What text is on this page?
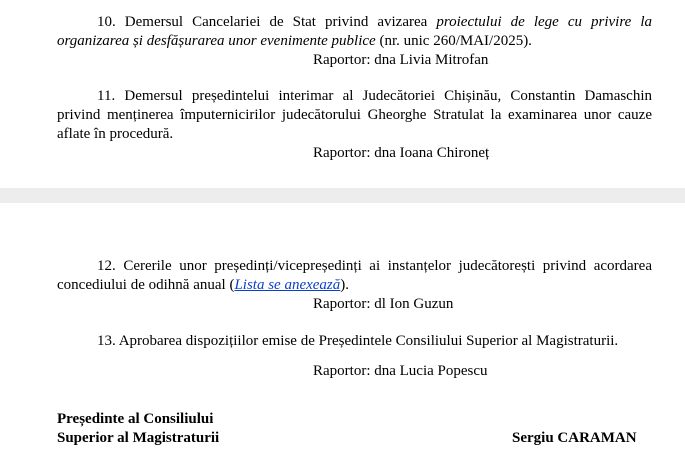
10. Demersul Cancelariei de Stat privind avizarea proiectului de lege cu privire la organizarea și desfășurarea unor evenimente publice (nr. unic 260/MAI/2025).
Raportor: dna Livia Mitrofan
11. Demersul președintelui interimar al Judecătoriei Chișinău, Constantin Damaschin privind menținerea împuternicirilor judecătorului Gheorghe Stratulat la examinarea unor cauze aflate în procedură.
Raportor: dna Ioana Chironeț
12. Cererile unor președinți/vicepreședinți ai instanțelor judecătorești privind acordarea concediului de odihnă anual (Lista se anexează).
Raportor: dl Ion Guzun
13. Aprobarea dispozițiilor emise de Președintele Consiliului Superior al Magistraturii.
Raportor: dna Lucia Popescu
Președinte al Consiliului
Superior al Magistraturii	Sergiu CARAMAN
